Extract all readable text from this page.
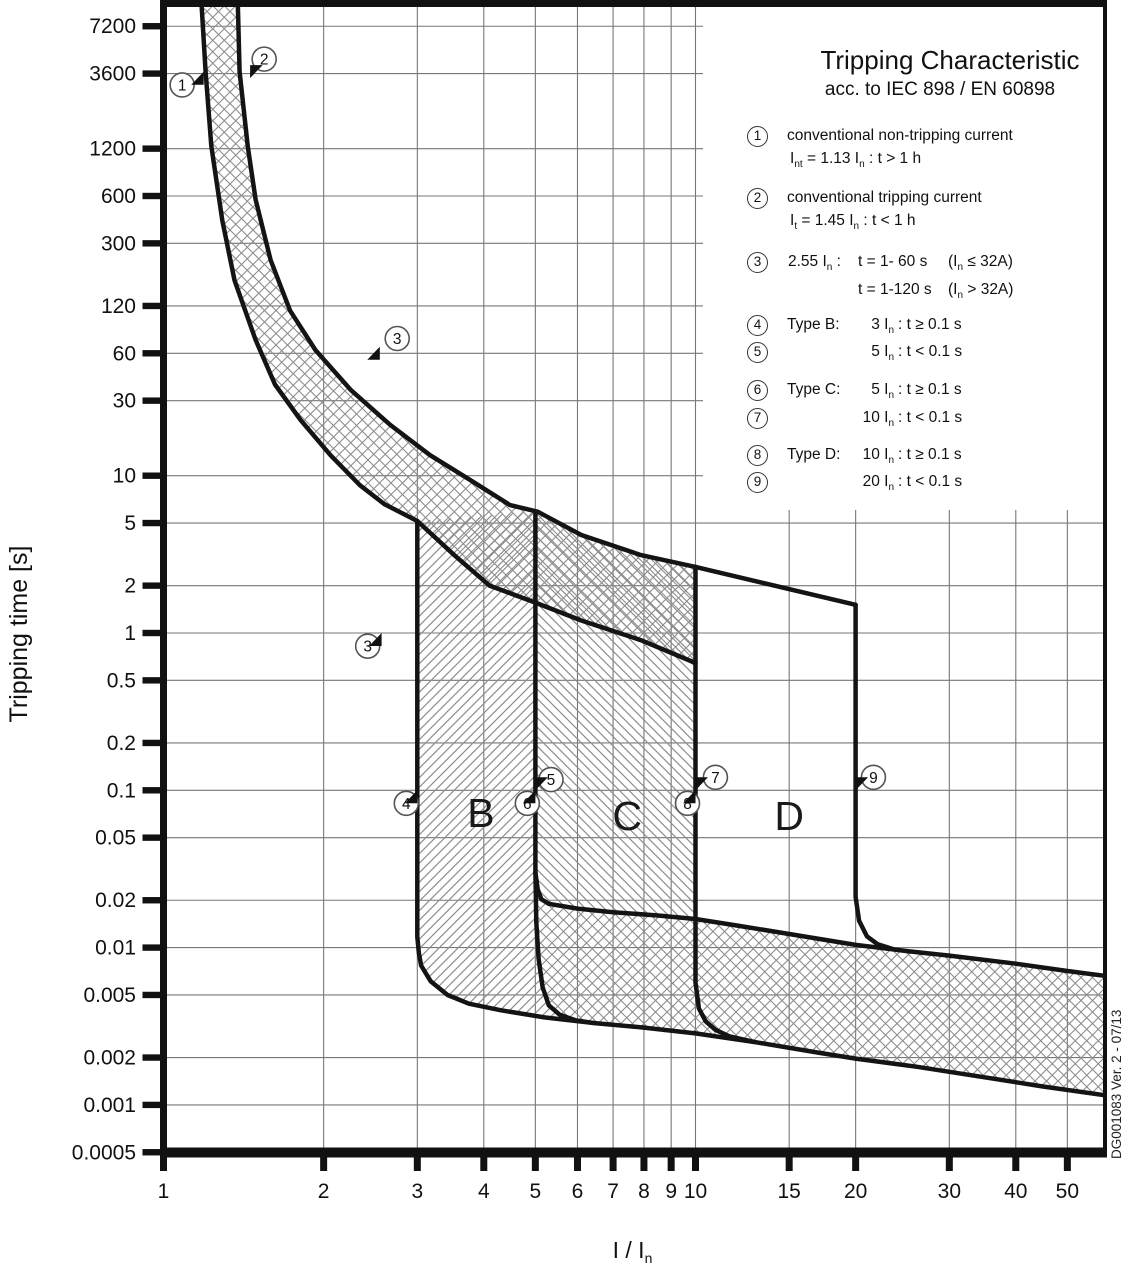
7200
3600
1200
600
300
120
60
30
10
5
2
1
0.5
0.2
0.1
0.05
0.02
0.01
0.005
0.002
0.001
0.0005
1	2	3	4 5 6 7 8 9 10	15 20	30 40 50
1
2
3
3
4
5
6
7
8
9
B	C	D
Tripping Characteristic
acc. to IEC 898 / EN 60898
1	conventional non-tripping current
$I_{nt} = 1.13$ $I_n$ : t > 1 h
2	conventional tripping current
$I_t = 1.45$ $I_n$ : t < 1 h
3	2.55 $I_n$ : t = 1- 60 s $(I_n \le 32A)$
t = 1-120 s $(I_n > 32A)$
4	Type B:	3 $I_n$ : t ≥ 0.1 s
5	5 $I_n$ : t < 0.1 s
6	Type C:	5 $I_n$ : t ≥ 0.1 s
7	10 $I_n$ : t < 0.1 s
8	Type D:	10 $I_n$ : t ≥ 0.1 s
9	20 $I_n$ : t < 0.1 s
Tripping time [s]
I / $I_n$
DG001083 Ver. 2 - 07/13
